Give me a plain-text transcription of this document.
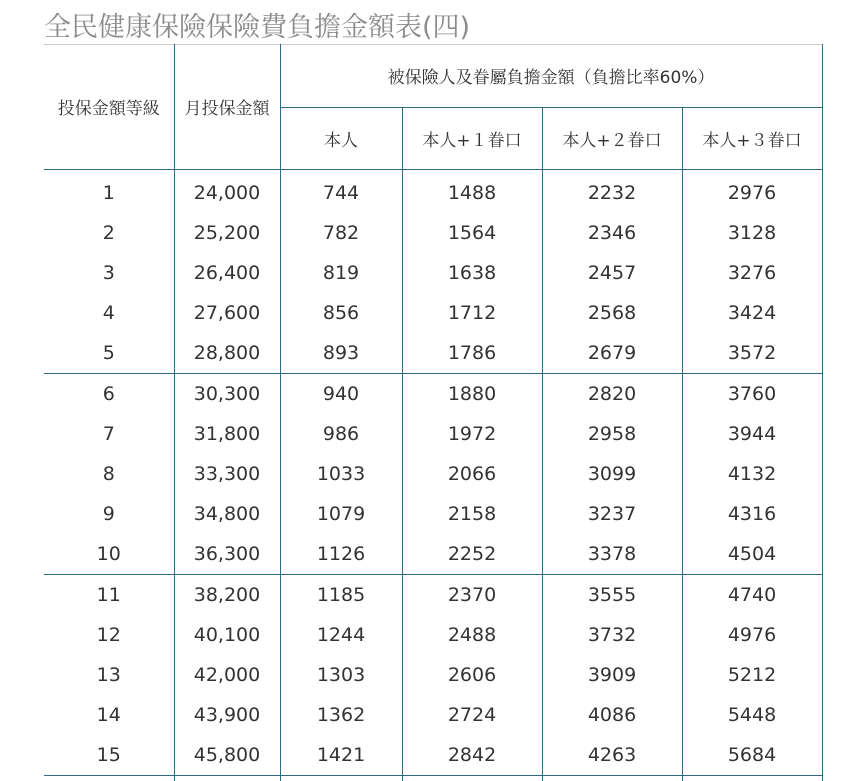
全民健康保險保險費負擔金額表(四)
投保金額等級	月投保金額	被保險人及眷屬負擔金額（負擔比率60%）			
		本人	本人+１眷口	本人+２眷口	本人+３眷口
1	24,000	744	1488	2232	2976
2	25,200	782	1564	2346	3128
3	26,400	819	1638	2457	3276
4	27,600	856	1712	2568	3424
5	28,800	893	1786	2679	3572
6	30,300	940	1880	2820	3760
7	31,800	986	1972	2958	3944
8	33,300	1033	2066	3099	4132
9	34,800	1079	2158	3237	4316
10	36,300	1126	2252	3378	4504
11	38,200	1185	2370	3555	4740
12	40,100	1244	2488	3732	4976
13	42,000	1303	2606	3909	5212
14	43,900	1362	2724	4086	5448
15	45,800	1421	2842	4263	5684
